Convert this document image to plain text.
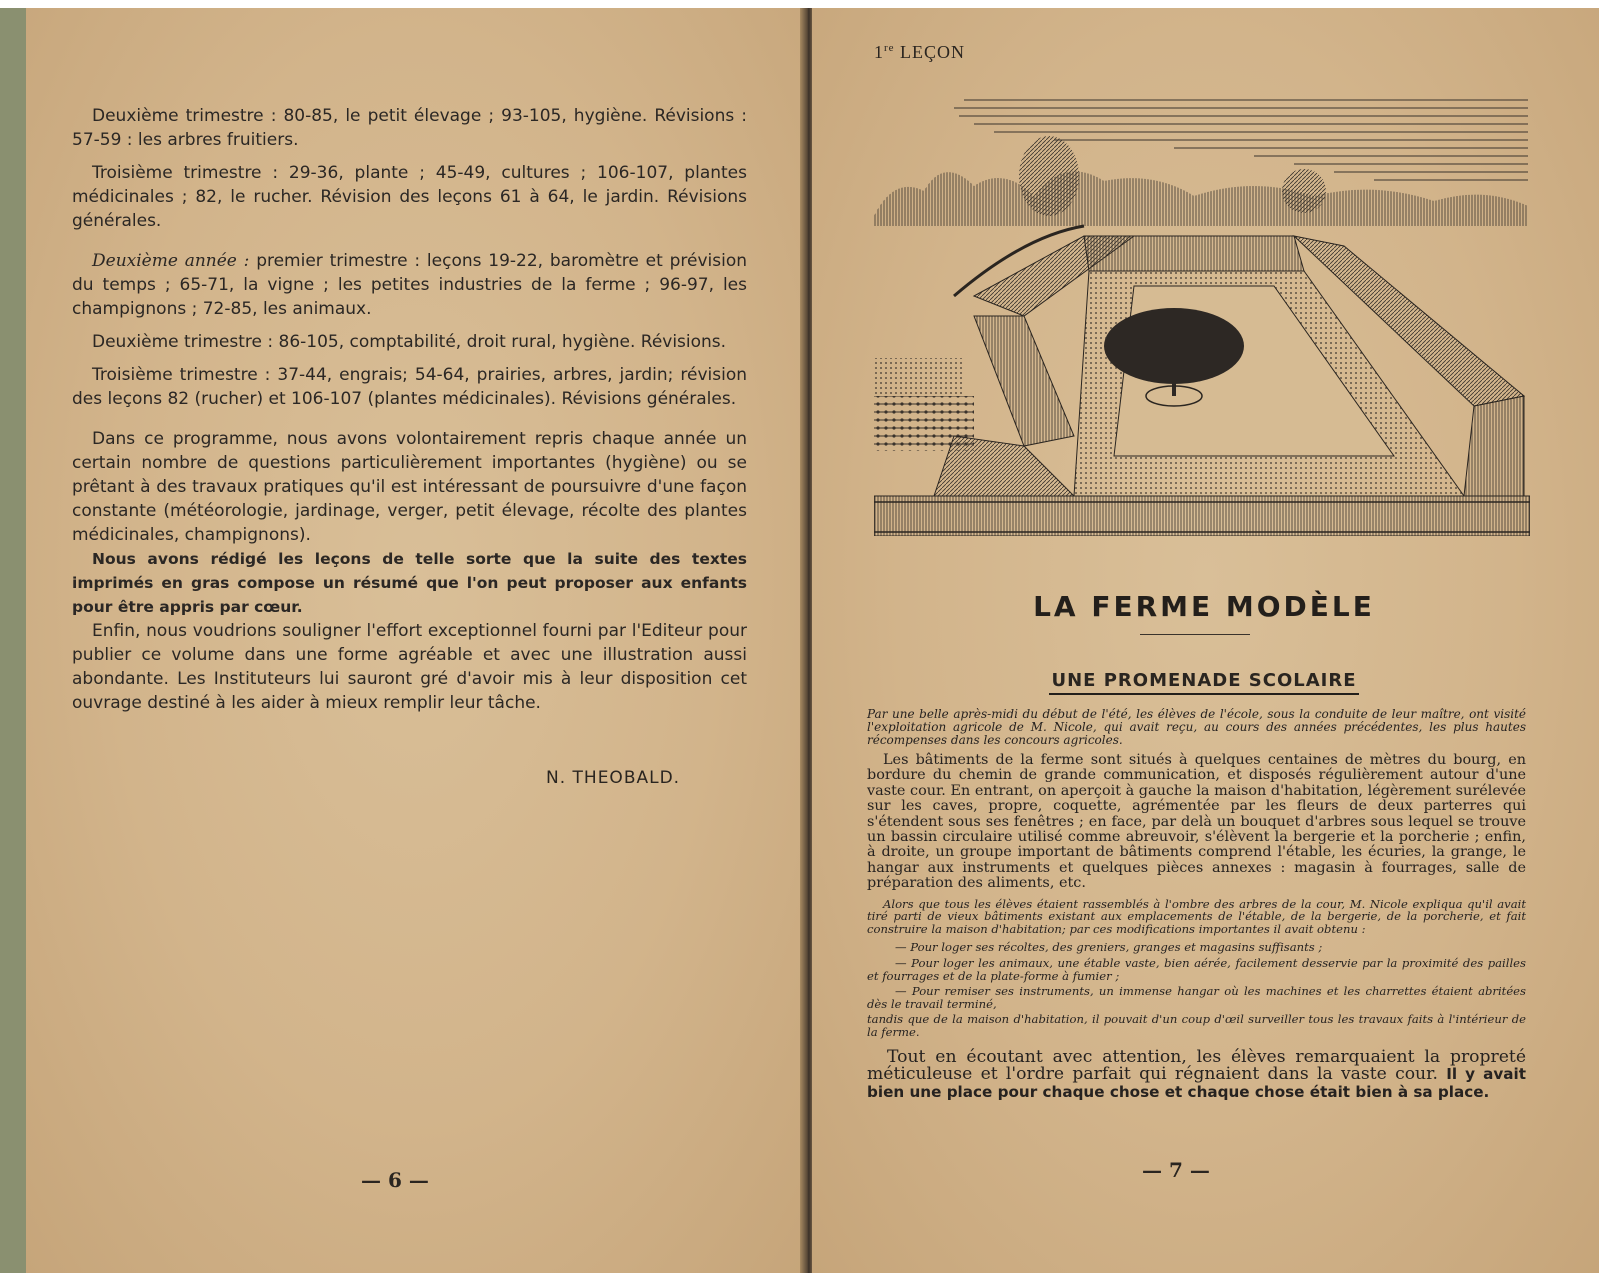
Deuxième trimestre : 80-85, le petit élevage ; 93-105, hygiène. Révisions : 57-59 : les arbres fruitiers.

Troisième trimestre : 29-36, plante ; 45-49, cultures ; 106-107, plantes médicinales ; 82, le rucher. Révision des leçons 61 à 64, le jardin. Révisions générales.

Deuxième année : premier trimestre : leçons 19-22, baromètre et prévision du temps ; 65-71, la vigne ; les petites industries de la ferme ; 96-97, les champignons ; 72-85, les animaux.

Deuxième trimestre : 86-105, comptabilité, droit rural, hygiène. Révisions.

Troisième trimestre : 37-44, engrais; 54-64, prairies, arbres, jardin; révision des leçons 82 (rucher) et 106-107 (plantes médicinales). Révisions générales.

Dans ce programme, nous avons volontairement repris chaque année un certain nombre de questions particulièrement importantes (hygiène) ou se prêtant à des travaux pratiques qu'il est intéressant de poursuivre d'une façon constante (météorologie, jardinage, verger, petit élevage, récolte des plantes médicinales, champignons).

Nous avons rédigé les leçons de telle sorte que la suite des textes imprimés en gras compose un résumé que l'on peut proposer aux enfants pour être appris par cœur.

Enfin, nous voudrions souligner l'effort exceptionnel fourni par l'Editeur pour publier ce volume dans une forme agréable et avec une illustration aussi abondante. Les Instituteurs lui sauront gré d'avoir mis à leur disposition cet ouvrage destiné à les aider à mieux remplir leur tâche.

N. THEOBALD.
— 6 —
1re LEÇON
LA FERME MODÈLE
UNE PROMENADE SCOLAIRE

Par une belle après-midi du début de l'été, les élèves de l'école, sous la conduite de leur maître, ont visité l'exploitation agricole de M. Nicole, qui avait reçu, au cours des années précédentes, les plus hautes récompenses dans les concours agricoles.

Les bâtiments de la ferme sont situés à quelques centaines de mètres du bourg, en bordure du chemin de grande communication, et disposés régulièrement autour d'une vaste cour. En entrant, on aperçoit à gauche la maison d'habitation, légèrement surélevée sur les caves, propre, coquette, agrémentée par les fleurs de deux parterres qui s'étendent sous ses fenêtres ; en face, par delà un bouquet d'arbres sous lequel se trouve un bassin circulaire utilisé comme abreuvoir, s'élèvent la bergerie et la porcherie ; enfin, à droite, un groupe important de bâtiments comprend l'étable, les écuries, la grange, le hangar aux instruments et quelques pièces annexes : magasin à fourrages, salle de préparation des aliments, etc.

Alors que tous les élèves étaient rassemblés à l'ombre des arbres de la cour, M. Nicole expliqua qu'il avait tiré parti de vieux bâtiments existant aux emplacements de l'étable, de la bergerie, de la porcherie, et fait construire la maison d'habitation; par ces modifications importantes il avait obtenu :

— Pour loger ses récoltes, des greniers, granges et magasins suffisants ;

— Pour loger les animaux, une étable vaste, bien aérée, facilement desservie par la proximité des pailles et fourrages et de la plate-forme à fumier ;

— Pour remiser ses instruments, un immense hangar où les machines et les charrettes étaient abritées dès le travail terminé,

tandis que de la maison d'habitation, il pouvait d'un coup d'œil surveiller tous les travaux faits à l'intérieur de la ferme.

Tout en écoutant avec attention, les élèves remarquaient la propreté méticuleuse et l'ordre parfait qui régnaient dans la vaste cour. Il y avait bien une place pour chaque chose et chaque chose était bien à sa place.

— 7 —
